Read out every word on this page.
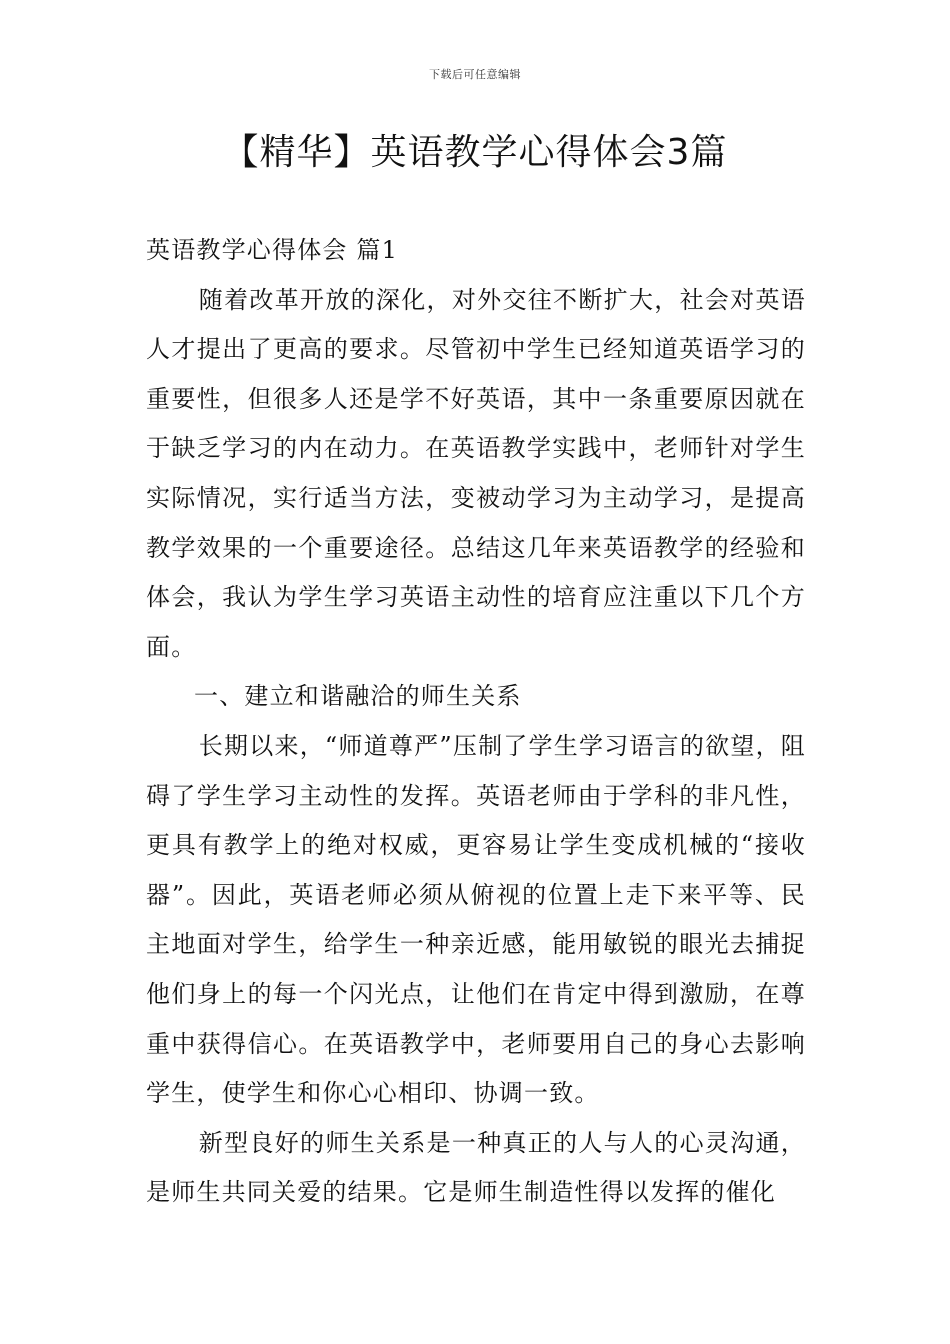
下载后可任意编辑
【精华】英语教学心得体会3篇

英语教学心得体会 篇1

随着改革开放的深化，对外交往不断扩大，社会对英语人才提出了更高的要求。尽管初中学生已经知道英语学习的重要性，但很多人还是学不好英语，其中一条重要原因就在于缺乏学习的内在动力。在英语教学实践中，老师针对学生实际情况，实行适当方法，变被动学习为主动学习，是提高教学效果的一个重要途径。总结这几年来英语教学的经验和体会，我认为学生学习英语主动性的培育应注重以下几个方面。

一、建立和谐融洽的师生关系

长期以来，“师道尊严”压制了学生学习语言的欲望，阻碍了学生学习主动性的发挥。英语老师由于学科的非凡性，更具有教学上的绝对权威，更容易让学生变成机械的“接收器”。因此，英语老师必须从俯视的位置上走下来平等、民主地面对学生，给学生一种亲近感，能用敏锐的眼光去捕捉他们身上的每一个闪光点，让他们在肯定中得到激励，在尊重中获得信心。在英语教学中，老师要用自己的身心去影响学生，使学生和你心心相印、协调一致。

新型良好的师生关系是一种真正的人与人的心灵沟通，是师生共同关爱的结果。它是师生制造性得以发挥的催化
